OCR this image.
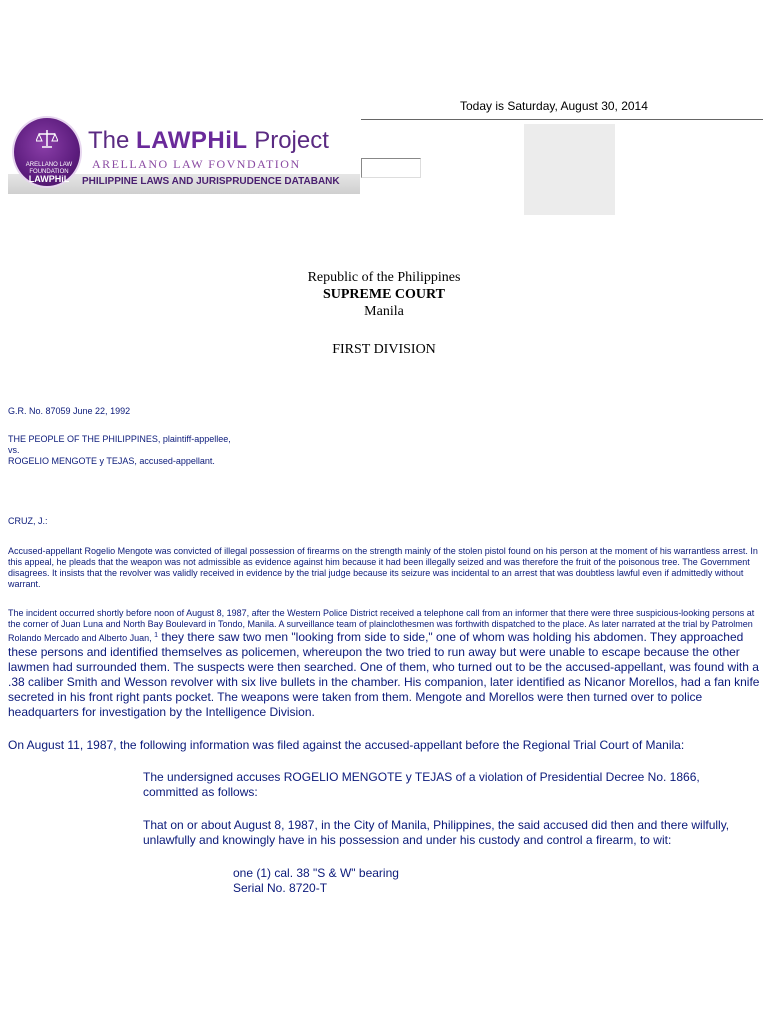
Today is Saturday, August 30, 2014
ARELLANO LAW FOUNDATION
LAWPHiL
The LAWPHiL Project
ARELLANO LAW FOVNDATION
PHILIPPINE LAWS AND JURISPRUDENCE DATABANK
Republic of the Philippines
SUPREME COURT
Manila
FIRST DIVISION
G.R. No. 87059 June 22, 1992
THE PEOPLE OF THE PHILIPPINES, plaintiff-appellee,
vs.
ROGELIO MENGOTE y TEJAS, accused-appellant.
CRUZ, J.:
Accused-appellant Rogelio Mengote was convicted of illegal possession of firearms on the strength mainly of the stolen pistol found on his person at the moment of his warrantless arrest. In this appeal, he pleads that the weapon was not admissible as evidence against him because it had been illegally seized and was therefore the fruit of the poisonous tree. The Government disagrees. It insists that the revolver was validly received in evidence by the trial judge because its seizure was incidental to an arrest that was doubtless lawful even if admittedly without warrant.
The incident occurred shortly before noon of August 8, 1987, after the Western Police District received a telephone call from an informer that there were three suspicious-looking persons at the corner of Juan Luna and North Bay Boulevard in Tondo, Manila. A surveillance team of plainclothesmen was forthwith dispatched to the place. As later narrated at the trial by Patrolmen Rolando Mercado and Alberto Juan, $^1$ they there saw two men "looking from side to side," one of whom was holding his abdomen. They approached these persons and identified themselves as policemen, whereupon the two tried to run away but were unable to escape because the other lawmen had surrounded them. The suspects were then searched. One of them, who turned out to be the accused-appellant, was found with a .38 caliber Smith and Wesson revolver with six live bullets in the chamber. His companion, later identified as Nicanor Morellos, had a fan knife secreted in his front right pants pocket. The weapons were taken from them. Mengote and Morellos were then turned over to police headquarters for investigation by the Intelligence Division.
On August 11, 1987, the following information was filed against the accused-appellant before the Regional Trial Court of Manila:
The undersigned accuses ROGELIO MENGOTE y TEJAS of a violation of Presidential Decree No. 1866, committed as follows:
That on or about August 8, 1987, in the City of Manila, Philippines, the said accused did then and there wilfully, unlawfully and knowingly have in his possession and under his custody and control a firearm, to wit:
one (1) cal. 38 "S & W" bearing
Serial No. 8720-T
